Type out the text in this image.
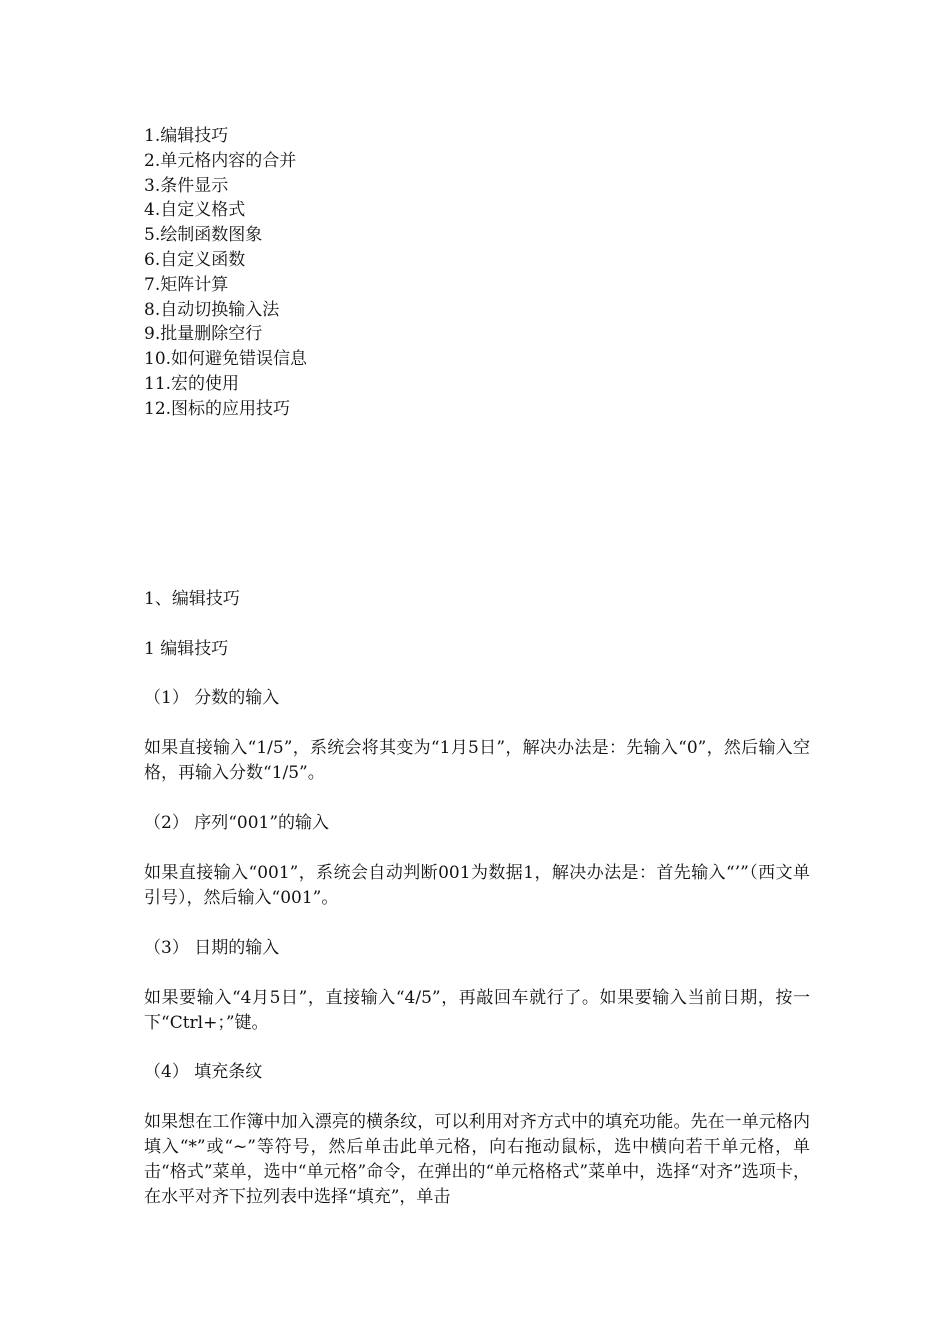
1.编辑技巧
2.单元格内容的合并
3.条件显示
4.自定义格式
5.绘制函数图象
6.自定义函数
7.矩阵计算
8.自动切换输入法
9.批量删除空行
10.如何避免错误信息
11.宏的使用
12.图标的应用技巧

1、编辑技巧

1 编辑技巧

（1） 分数的输入

如果直接输入“1/5”，系统会将其变为“1月5日”，解决办法是：先输入“0”，然后输入空格，再输入分数“1/5”。

（2） 序列“001”的输入

如果直接输入“001”，系统会自动判断001为数据1，解决办法是：首先输入“’”（西文单引号），然后输入“001”。

（3） 日期的输入

如果要输入“4月5日”，直接输入“4/5”，再敲回车就行了。如果要输入当前日期，按一下“Ctrl+；”键。

（4） 填充条纹

如果想在工作簿中加入漂亮的横条纹，可以利用对齐方式中的填充功能。先在一单元格内填入“*”或“~”等符号，然后单击此单元格，向右拖动鼠标，选中横向若干单元格，单击“格式”菜单，选中“单元格”命令，在弹出的“单元格格式”菜单中，选择“对齐”选项卡，在水平对齐下拉列表中选择“填充”，单击
